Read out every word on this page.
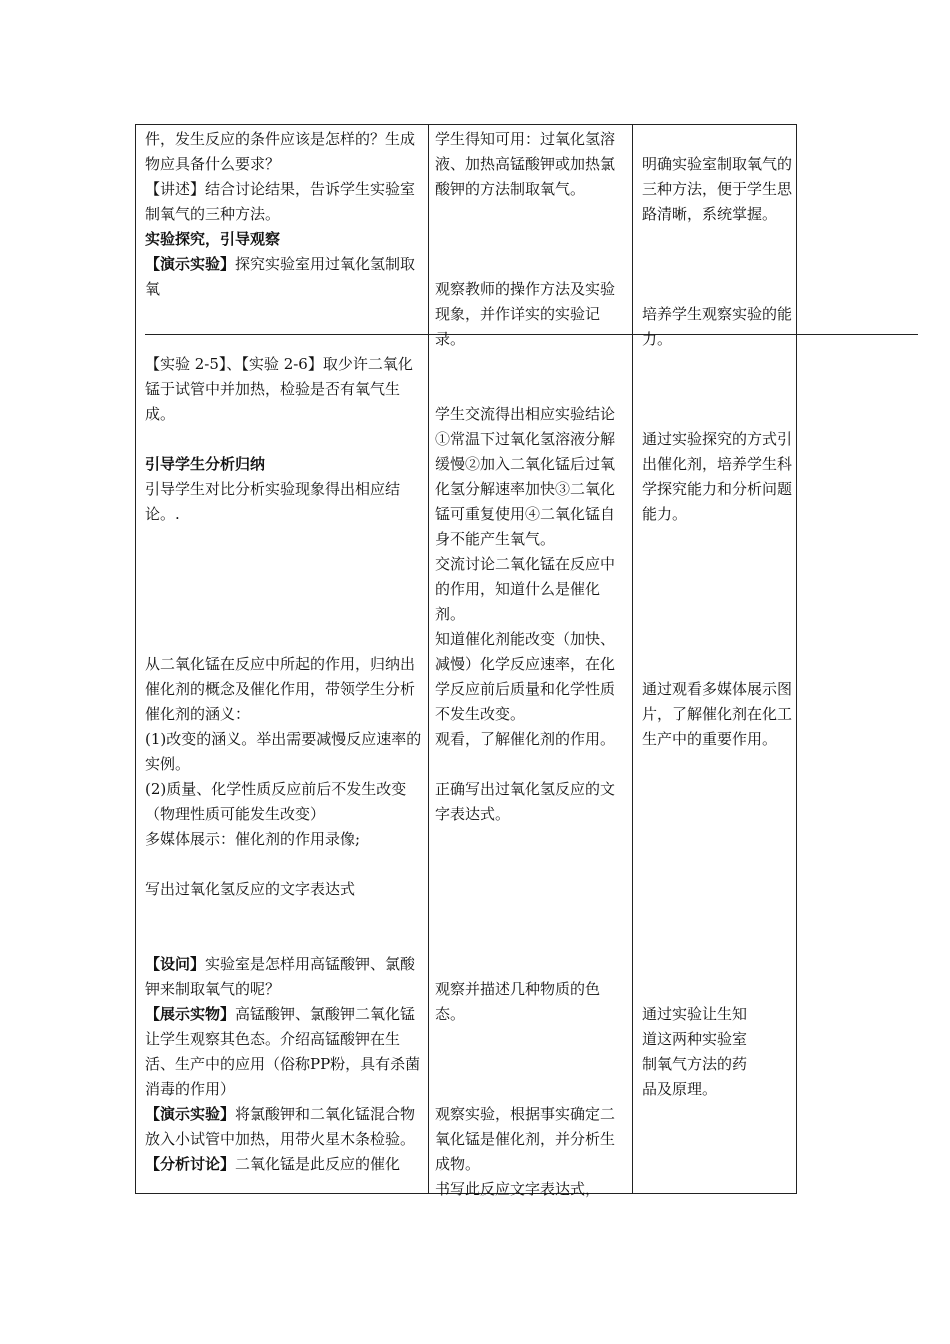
件，发生反应的条件应该是怎样的？生成物应具备什么要求？

【讲述】结合讨论结果，告诉学生实验室制氧气的三种方法。

实验探究，引导观察

【演示实验】探究实验室用过氧化氢制取氧

学生得知可用：过氧化氢溶液、加热高锰酸钾或加热氯酸钾的方法制取氧气。

观察教师的操作方法及实验现象，并作详实的实验记录。

明确实验室制取氧气的三种方法，便于学生思路清晰，系统掌握。

培养学生观察实验的能力。

【实验 2-5】、【实验 2-6】取少许二氧化锰于试管中并加热，检验是否有氧气生成。

引导学生分析归纳

引导学生对比分析实验现象得出相应结论。.

从二氧化锰在反应中所起的作用，归纳出催化剂的概念及催化作用，带领学生分析催化剂的涵义：

(1)改变的涵义。举出需要减慢反应速率的实例。

(2)质量、化学性质反应前后不发生改变（物理性质可能发生改变）

多媒体展示：催化剂的作用录像;

写出过氧化氢反应的文字表达式

【设问】实验室是怎样用高锰酸钾、氯酸钾来制取氧气的呢？

【展示实物】高锰酸钾、氯酸钾二氧化锰让学生观察其色态。介绍高锰酸钾在生活、生产中的应用（俗称PP粉，具有杀菌消毒的作用）

【演示实验】将氯酸钾和二氧化锰混合物放入小试管中加热，用带火星木条检验。

【分析讨论】二氧化锰是此反应的催化

学生交流得出相应实验结论①常温下过氧化氢溶液分解缓慢②加入二氧化锰后过氧化氢分解速率加快③二氧化锰可重复使用④二氧化锰自身不能产生氧气。

交流讨论二氧化锰在反应中的作用，知道什么是催化剂。

知道催化剂能改变（加快、减慢）化学反应速率，在化学反应前后质量和化学性质不发生改变。

观看，了解催化剂的作用。

正确写出过氧化氢反应的文字表达式。

观察并描述几种物质的色态。

观察实验，根据事实确定二氧化锰是催化剂，并分析生成物。

书写此反应文字表达式，

通过实验探究的方式引出催化剂，培养学生科学探究能力和分析问题能力。

通过观看多媒体展示图片，了解催化剂在化工生产中的重要作用。

通过实验让生知道这两种实验室制氧气方法的药品及原理。
